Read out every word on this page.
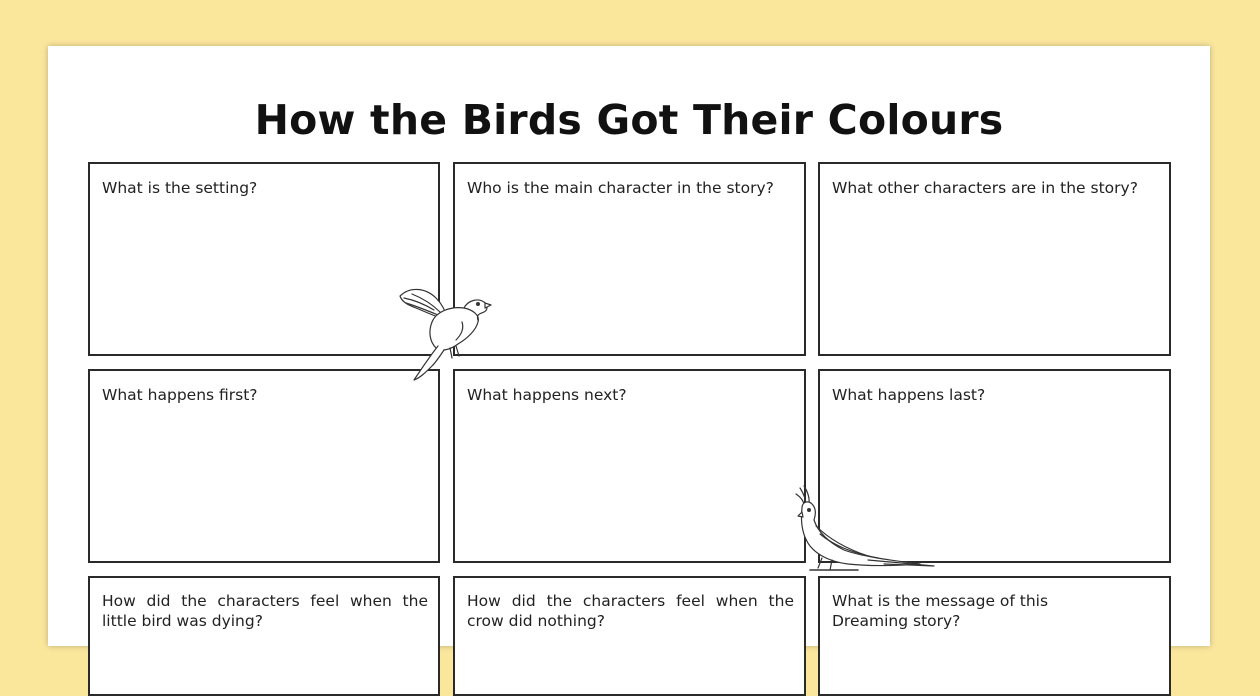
How the Birds Got Their Colours
What is the setting?	Who is the main character in the story?	What other characters are in the story?
What happens first?	What happens next?	What happens last?
How did the characters feel when the little bird was dying?
How did the characters feel when the crow did nothing?
What is the message of this Dreaming story?
